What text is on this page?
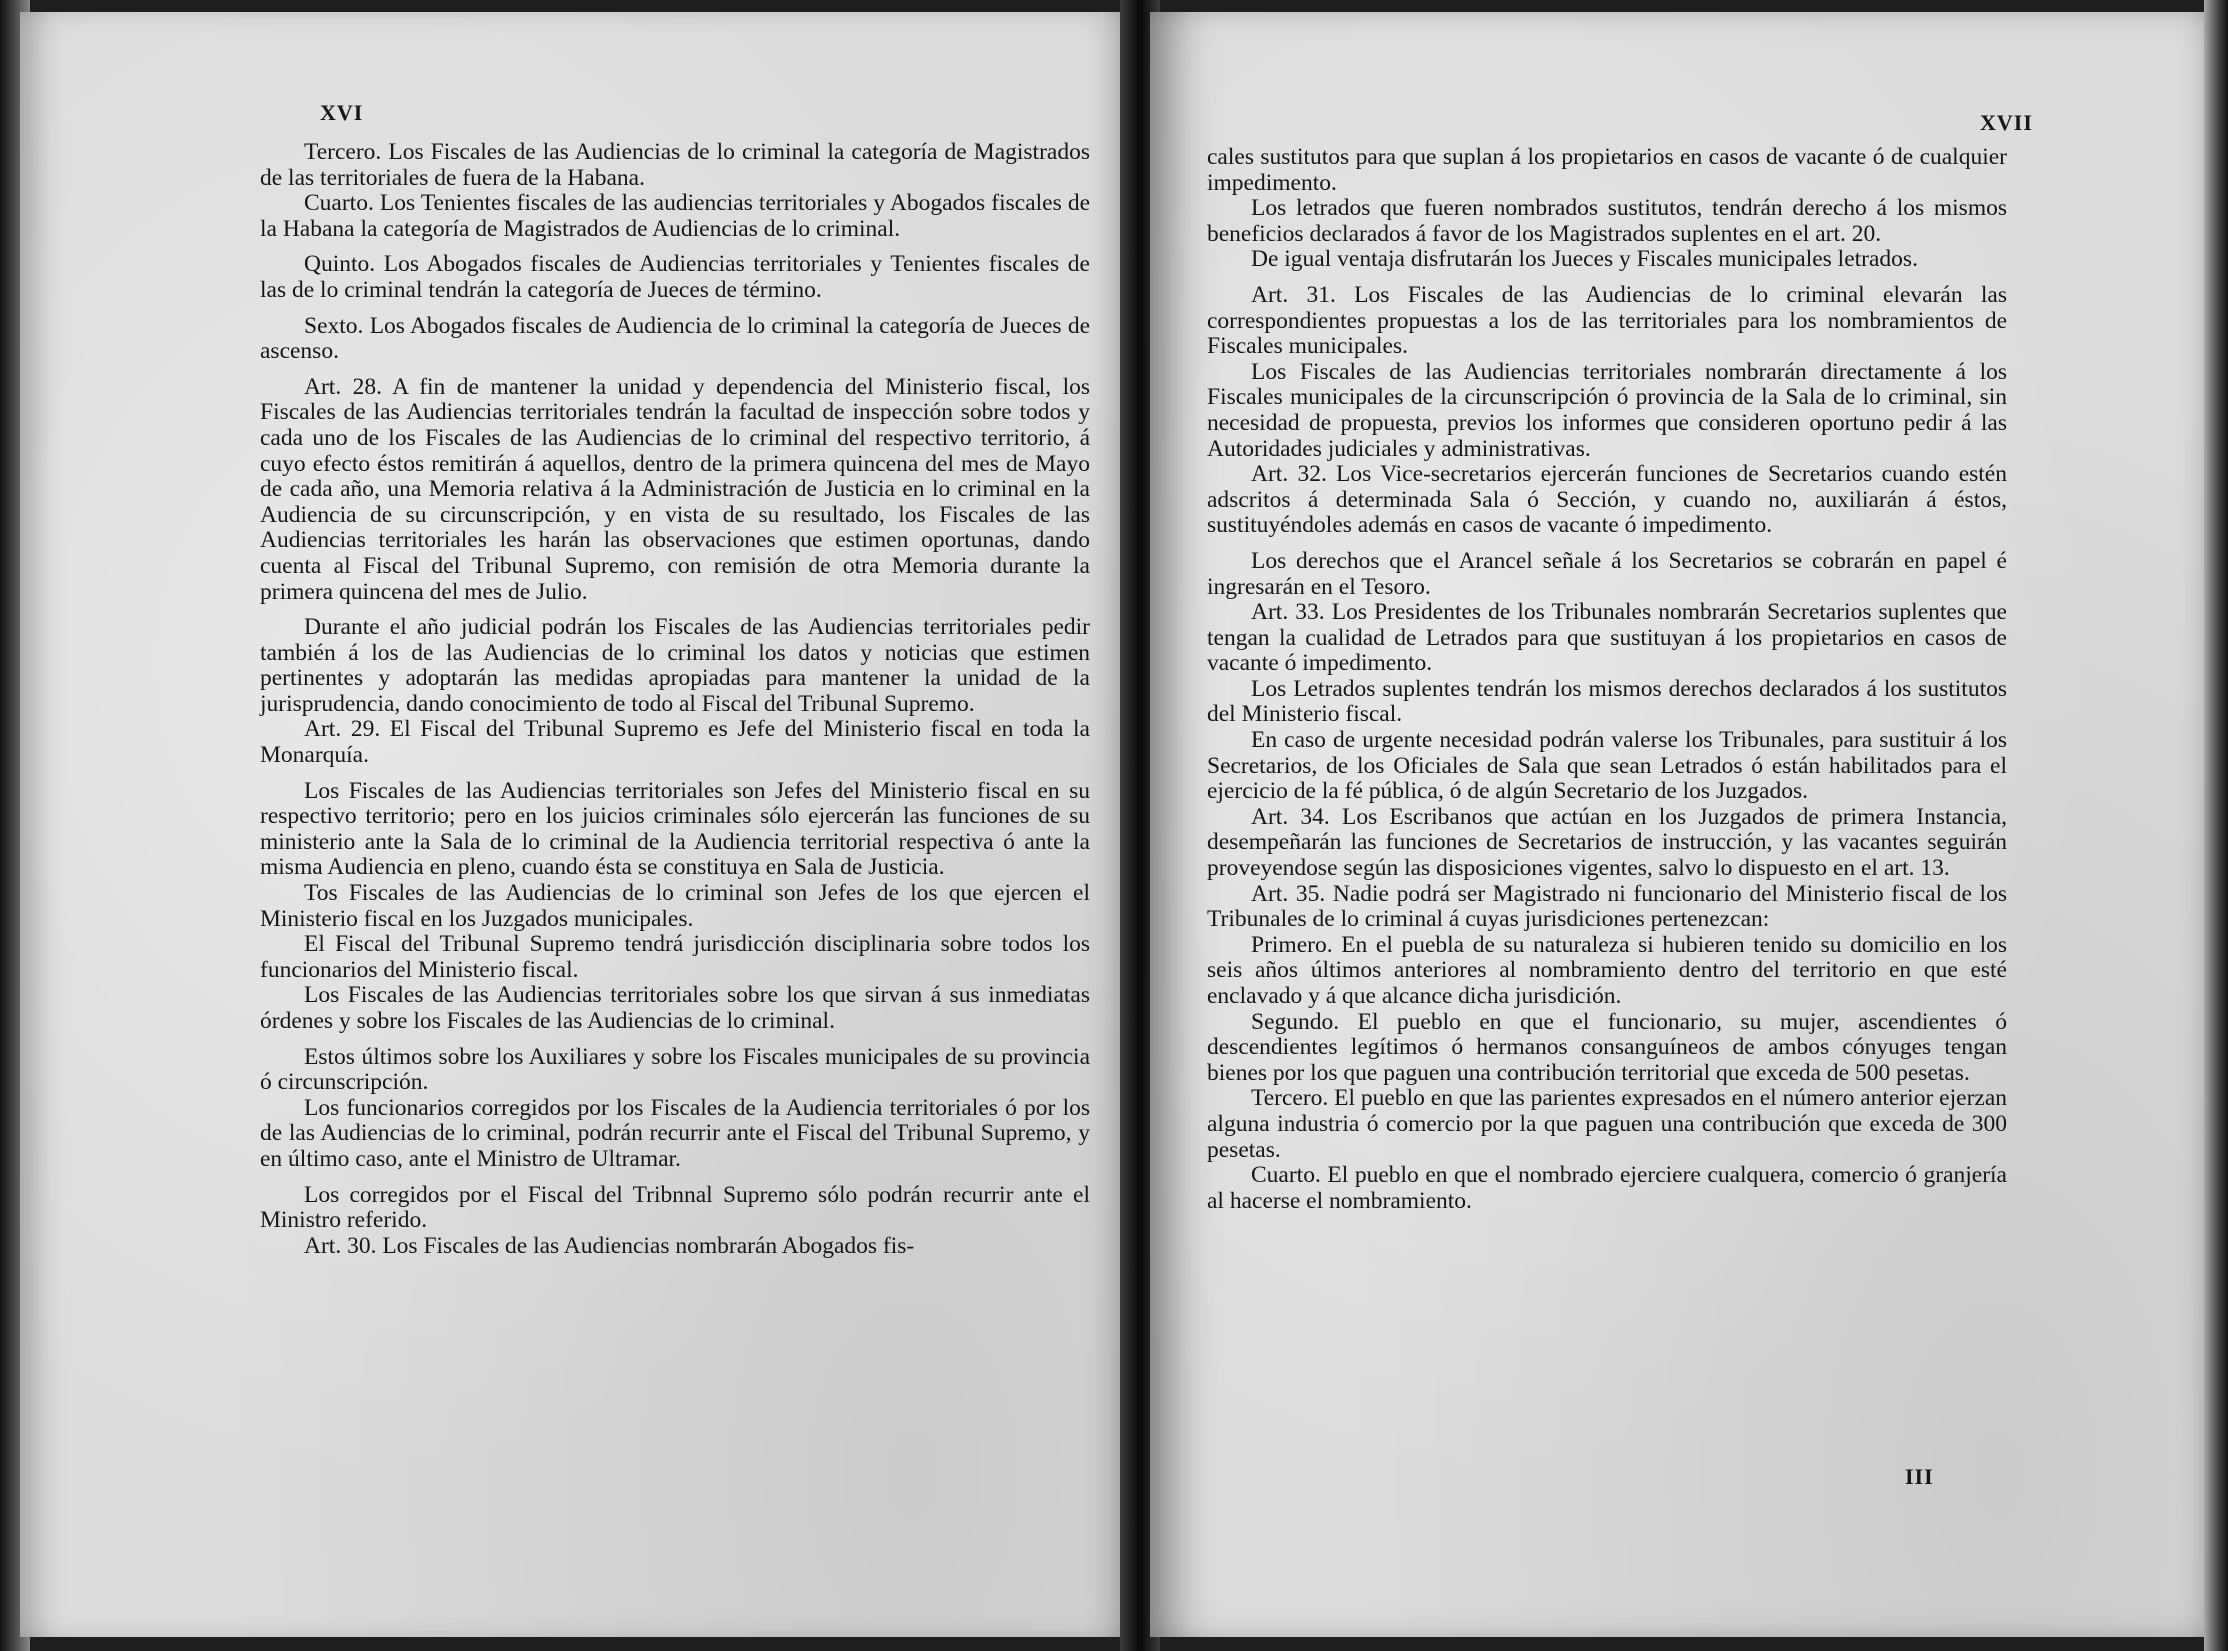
XVI

Tercero. Los Fiscales de las Audiencias de lo criminal la categoría de Magistrados de las territoriales de fuera de la Habana.

Cuarto. Los Tenientes fiscales de las audiencias territoriales y Abogados fiscales de la Habana la categoría de Magistrados de Audiencias de lo criminal.

Quinto. Los Abogados fiscales de Audiencias territoriales y Tenientes fiscales de las de lo criminal tendrán la categoría de Jueces de término.

Sexto. Los Abogados fiscales de Audiencia de lo criminal la categoría de Jueces de ascenso.

Art. 28. A fin de mantener la unidad y dependencia del Ministerio fiscal, los Fiscales de las Audiencias territoriales tendrán la facultad de inspección sobre todos y cada uno de los Fiscales de las Audiencias de lo criminal del respectivo territorio, á cuyo efecto éstos remitirán á aquellos, dentro de la primera quincena del mes de Mayo de cada año, una Memoria relativa á la Administración de Justicia en lo criminal en la Audiencia de su circunscripción, y en vista de su resultado, los Fiscales de las Audiencias territoriales les harán las observaciones que estimen oportunas, dando cuenta al Fiscal del Tribunal Supremo, con remisión de otra Memoria durante la primera quincena del mes de Julio.

Durante el año judicial podrán los Fiscales de las Audiencias territoriales pedir también á los de las Audiencias de lo criminal los datos y noticias que estimen pertinentes y adoptarán las medidas apropiadas para mantener la unidad de la jurisprudencia, dando conocimiento de todo al Fiscal del Tribunal Supremo.

Art. 29. El Fiscal del Tribunal Supremo es Jefe del Ministerio fiscal en toda la Monarquía.

Los Fiscales de las Audiencias territoriales son Jefes del Ministerio fiscal en su respectivo territorio; pero en los juicios criminales sólo ejercerán las funciones de su ministerio ante la Sala de lo criminal de la Audiencia territorial respectiva ó ante la misma Audiencia en pleno, cuando ésta se constituya en Sala de Justicia.

Tos Fiscales de las Audiencias de lo criminal son Jefes de los que ejercen el Ministerio fiscal en los Juzgados municipales.

El Fiscal del Tribunal Supremo tendrá jurisdicción disciplinaria sobre todos los funcionarios del Ministerio fiscal.

Los Fiscales de las Audiencias territoriales sobre los que sirvan á sus inmediatas órdenes y sobre los Fiscales de las Audiencias de lo criminal.

Estos últimos sobre los Auxiliares y sobre los Fiscales municipales de su provincia ó circunscripción.

Los funcionarios corregidos por los Fiscales de la Audiencia territoriales ó por los de las Audiencias de lo criminal, podrán recurrir ante el Fiscal del Tribunal Supremo, y en último caso, ante el Ministro de Ultramar.

Los corregidos por el Fiscal del Tribnnal Supremo sólo podrán recurrir ante el Ministro referido.

Art. 30. Los Fiscales de las Audiencias nombrarán Abogados fis-

XVII

cales sustitutos para que suplan á los propietarios en casos de vacante ó de cualquier impedimento.

Los letrados que fueren nombrados sustitutos, tendrán derecho á los mismos beneficios declarados á favor de los Magistrados suplentes en el art. 20.

De igual ventaja disfrutarán los Jueces y Fiscales municipales letrados.

Art. 31. Los Fiscales de las Audiencias de lo criminal elevarán las correspondientes propuestas a los de las territoriales para los nombramientos de Fiscales municipales.

Los Fiscales de las Audiencias territoriales nombrarán directamente á los Fiscales municipales de la circunscripción ó provincia de la Sala de lo criminal, sin necesidad de propuesta, previos los informes que consideren oportuno pedir á las Autoridades judiciales y administrativas.

Art. 32. Los Vice-secretarios ejercerán funciones de Secretarios cuando estén adscritos á determinada Sala ó Sección, y cuando no, auxiliarán á éstos, sustituyéndoles además en casos de vacante ó impedimento.

Los derechos que el Arancel señale á los Secretarios se cobrarán en papel é ingresarán en el Tesoro.

Art. 33. Los Presidentes de los Tribunales nombrarán Secretarios suplentes que tengan la cualidad de Letrados para que sustituyan á los propietarios en casos de vacante ó impedimento.

Los Letrados suplentes tendrán los mismos derechos declarados á los sustitutos del Ministerio fiscal.

En caso de urgente necesidad podrán valerse los Tribunales, para sustituir á los Secretarios, de los Oficiales de Sala que sean Letrados ó están habilitados para el ejercicio de la fé pública, ó de algún Secretario de los Juzgados.

Art. 34. Los Escribanos que actúan en los Juzgados de primera Instancia, desempeñarán las funciones de Secretarios de instrucción, y las vacantes seguirán proveyendose según las disposiciones vigentes, salvo lo dispuesto en el art. 13.

Art. 35. Nadie podrá ser Magistrado ni funcionario del Ministerio fiscal de los Tribunales de lo criminal á cuyas jurisdiciones pertenezcan:

Primero. En el puebla de su naturaleza si hubieren tenido su domicilio en los seis años últimos anteriores al nombramiento dentro del territorio en que esté enclavado y á que alcance dicha jurisdición.

Segundo. El pueblo en que el funcionario, su mujer, ascendientes ó descendientes legítimos ó hermanos consanguíneos de ambos cónyuges tengan bienes por los que paguen una contribución territorial que exceda de 500 pesetas.

Tercero. El pueblo en que las parientes expresados en el número anterior ejerzan alguna industria ó comercio por la que paguen una contribución que exceda de 300 pesetas.

Cuarto. El pueblo en que el nombrado ejerciere cualquera, comercio ó granjería al hacerse el nombramiento.

III
